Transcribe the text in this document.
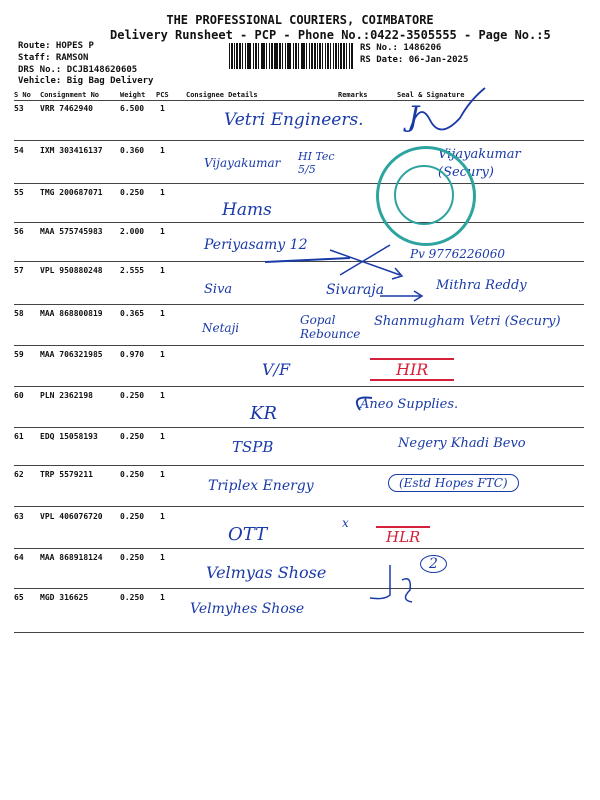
THE PROFESSIONAL COURIERS, COIMBATORE
Delivery Runsheet - PCP - Phone No.:0422-3505555 - Page No.:5
Route: HOPES P
Staff: RAMSON
DRS No.: DCJB148620605
Vehicle: Big Bag Delivery
RS No.: 1486206
RS Date: 06-Jan-2025
S No Consignment No	Weight PCS Consignee Details	Remarks	Seal & Signature
53 VRR 7462940	6.500 1
Vetri Engineers. J
54 IXM 303416137 0.360 1
Vijayakumar HI Tec 5/5
Vijayakumar (Secury)
55 TMG 200687071 0.250 1
Hams
56 MAA 575745983 2.000 1
Periyasamy 12
Pv 9776226060
57 VPL 950880248 2.555 1
Siva	Sivaraja	Mithra Reddy
58 MAA 868800819 0.365 1
Netaji
Gopal Rebounce
Shanmugham Vetri (Secury)
59 MAA 706321985 0.970 1
V/F	HIR
60 PLN 2362198	0.250 1
KR	Aneo Supplies.
61 EDQ 15058193	0.250 1
TSPB	Negery Khadi Bevo
62 TRP 5579211	0.250 1
Triplex Energy	(Estd Hopes FTC)
63 VPL 406076720 0.250 1
OTT
x
HLR
64 MAA 868918124 0.250 1
Velmyas Shose	2
65 MGD 316625	0.250 1
Velmyhes Shose
